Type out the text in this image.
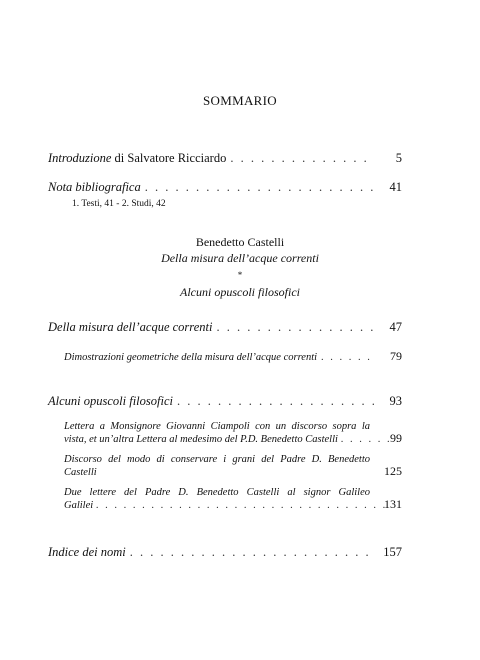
SOMMARIO
Introduzione di Salvatore Ricciardo . . .	5
Nota bibliografica . . .	41
1. Testi, 41 - 2. Studi, 42
Benedetto Castelli
Della misura dell’acque correnti
*
Alcuni opuscoli filosofici
Della misura dell’acque correnti . . .	47
Dimostrazioni geometriche della misura dell’acque correnti . . .	79
Alcuni opuscoli filosofici . . .	93
Lettera a Monsignore Giovanni Ciampoli con un discorso sopra la
vista, et un’altra Lettera al medesimo del P.D. Benedetto Castelli . . .	99
Discorso del modo di conservare i grani del Padre D. Benedetto
Castelli	125
Due lettere del Padre D. Benedetto Castelli al signor Galileo
Galilei . . .	131
Indice dei nomi . . .	157
